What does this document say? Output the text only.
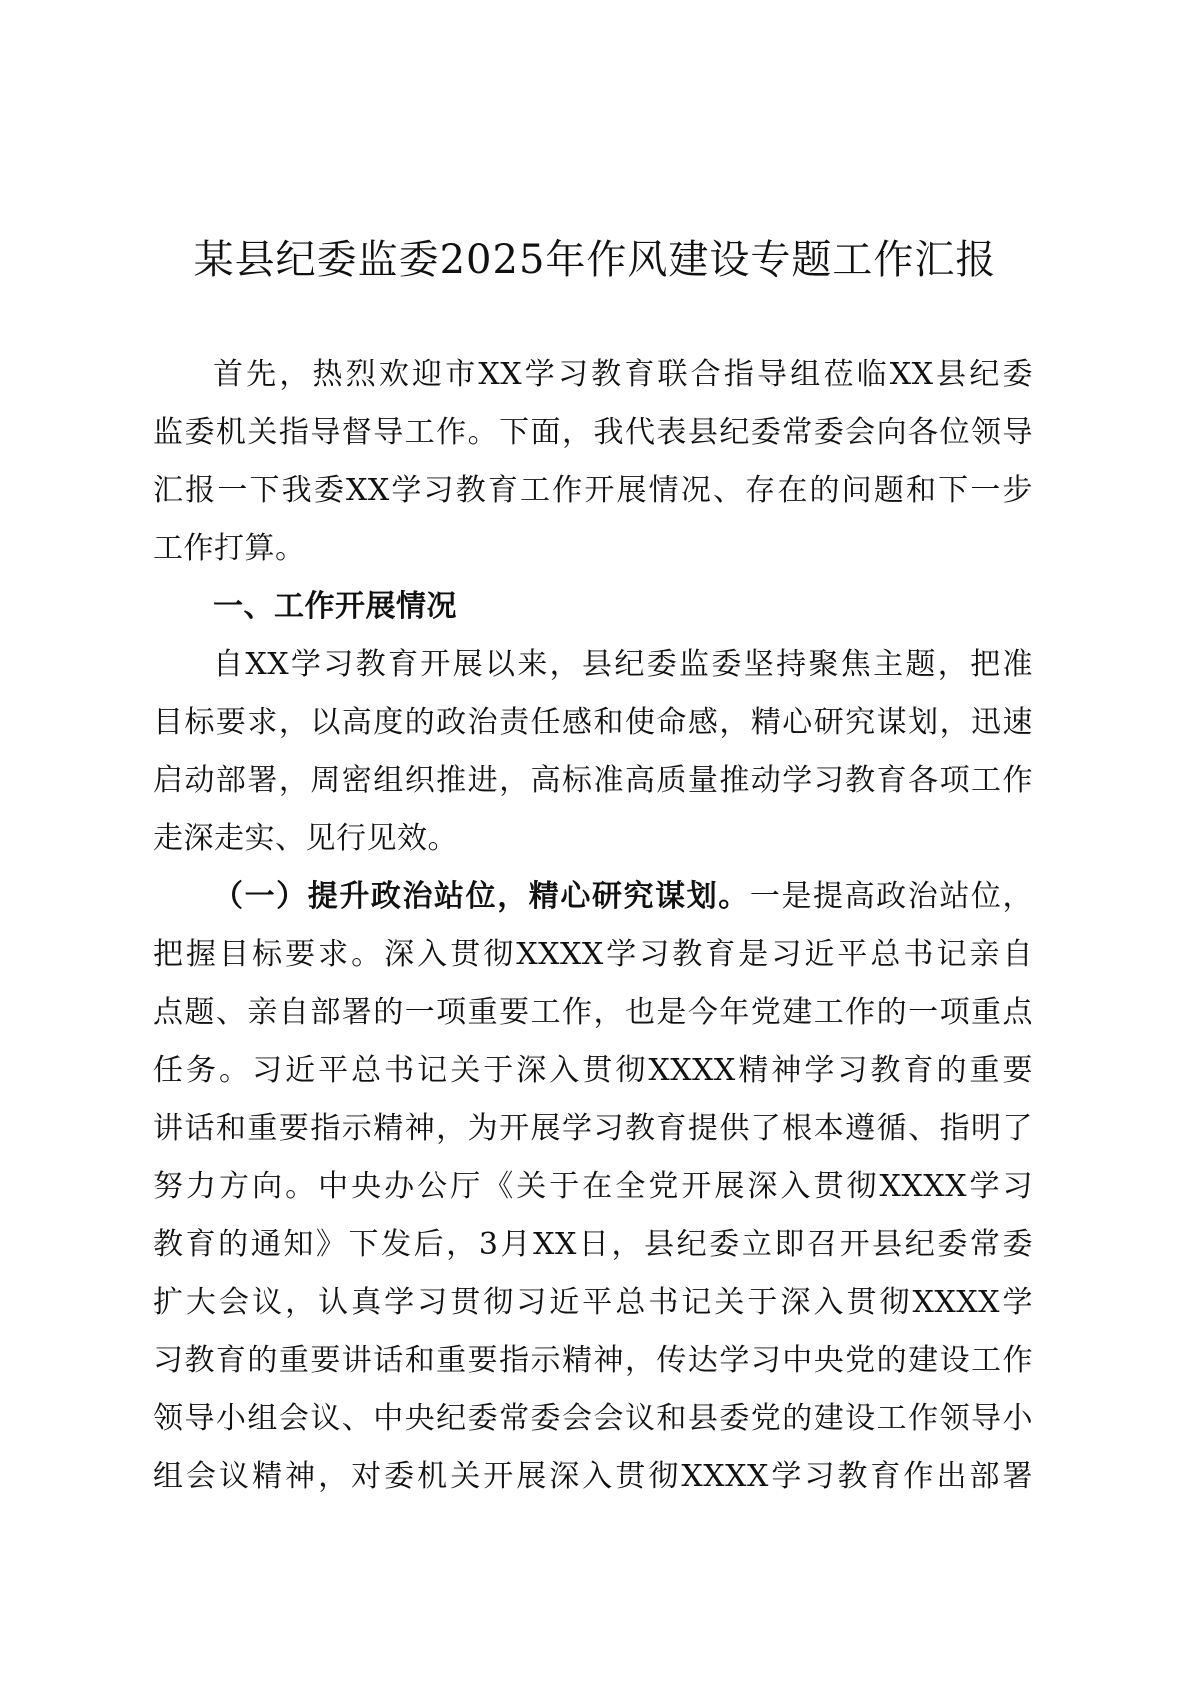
某县纪委监委2025年作风建设专题工作汇报
首先，热烈欢迎市XX学习教育联合指导组莅临XX县纪委
监委机关指导督导工作。下面，我代表县纪委常委会向各位领导
汇报一下我委XX学习教育工作开展情况、存在的问题和下一步
工作打算。
一、工作开展情况
自XX学习教育开展以来，县纪委监委坚持聚焦主题，把准
目标要求，以高度的政治责任感和使命感，精心研究谋划，迅速
启动部署，周密组织推进，高标准高质量推动学习教育各项工作
走深走实、见行见效。
（一）提升政治站位，精心研究谋划。一是提高政治站位，
把握目标要求。深入贯彻XXXX学习教育是习近平总书记亲自
点题、亲自部署的一项重要工作，也是今年党建工作的一项重点
任务。习近平总书记关于深入贯彻XXXX精神学习教育的重要
讲话和重要指示精神，为开展学习教育提供了根本遵循、指明了
努力方向。中央办公厅《关于在全党开展深入贯彻XXXX学习
教育的通知》下发后，3月XX日，县纪委立即召开县纪委常委
扩大会议，认真学习贯彻习近平总书记关于深入贯彻XXXX学
习教育的重要讲话和重要指示精神，传达学习中央党的建设工作
领导小组会议、中央纪委常委会会议和县委党的建设工作领导小
组会议精神，对委机关开展深入贯彻XXXX学习教育作出部署
